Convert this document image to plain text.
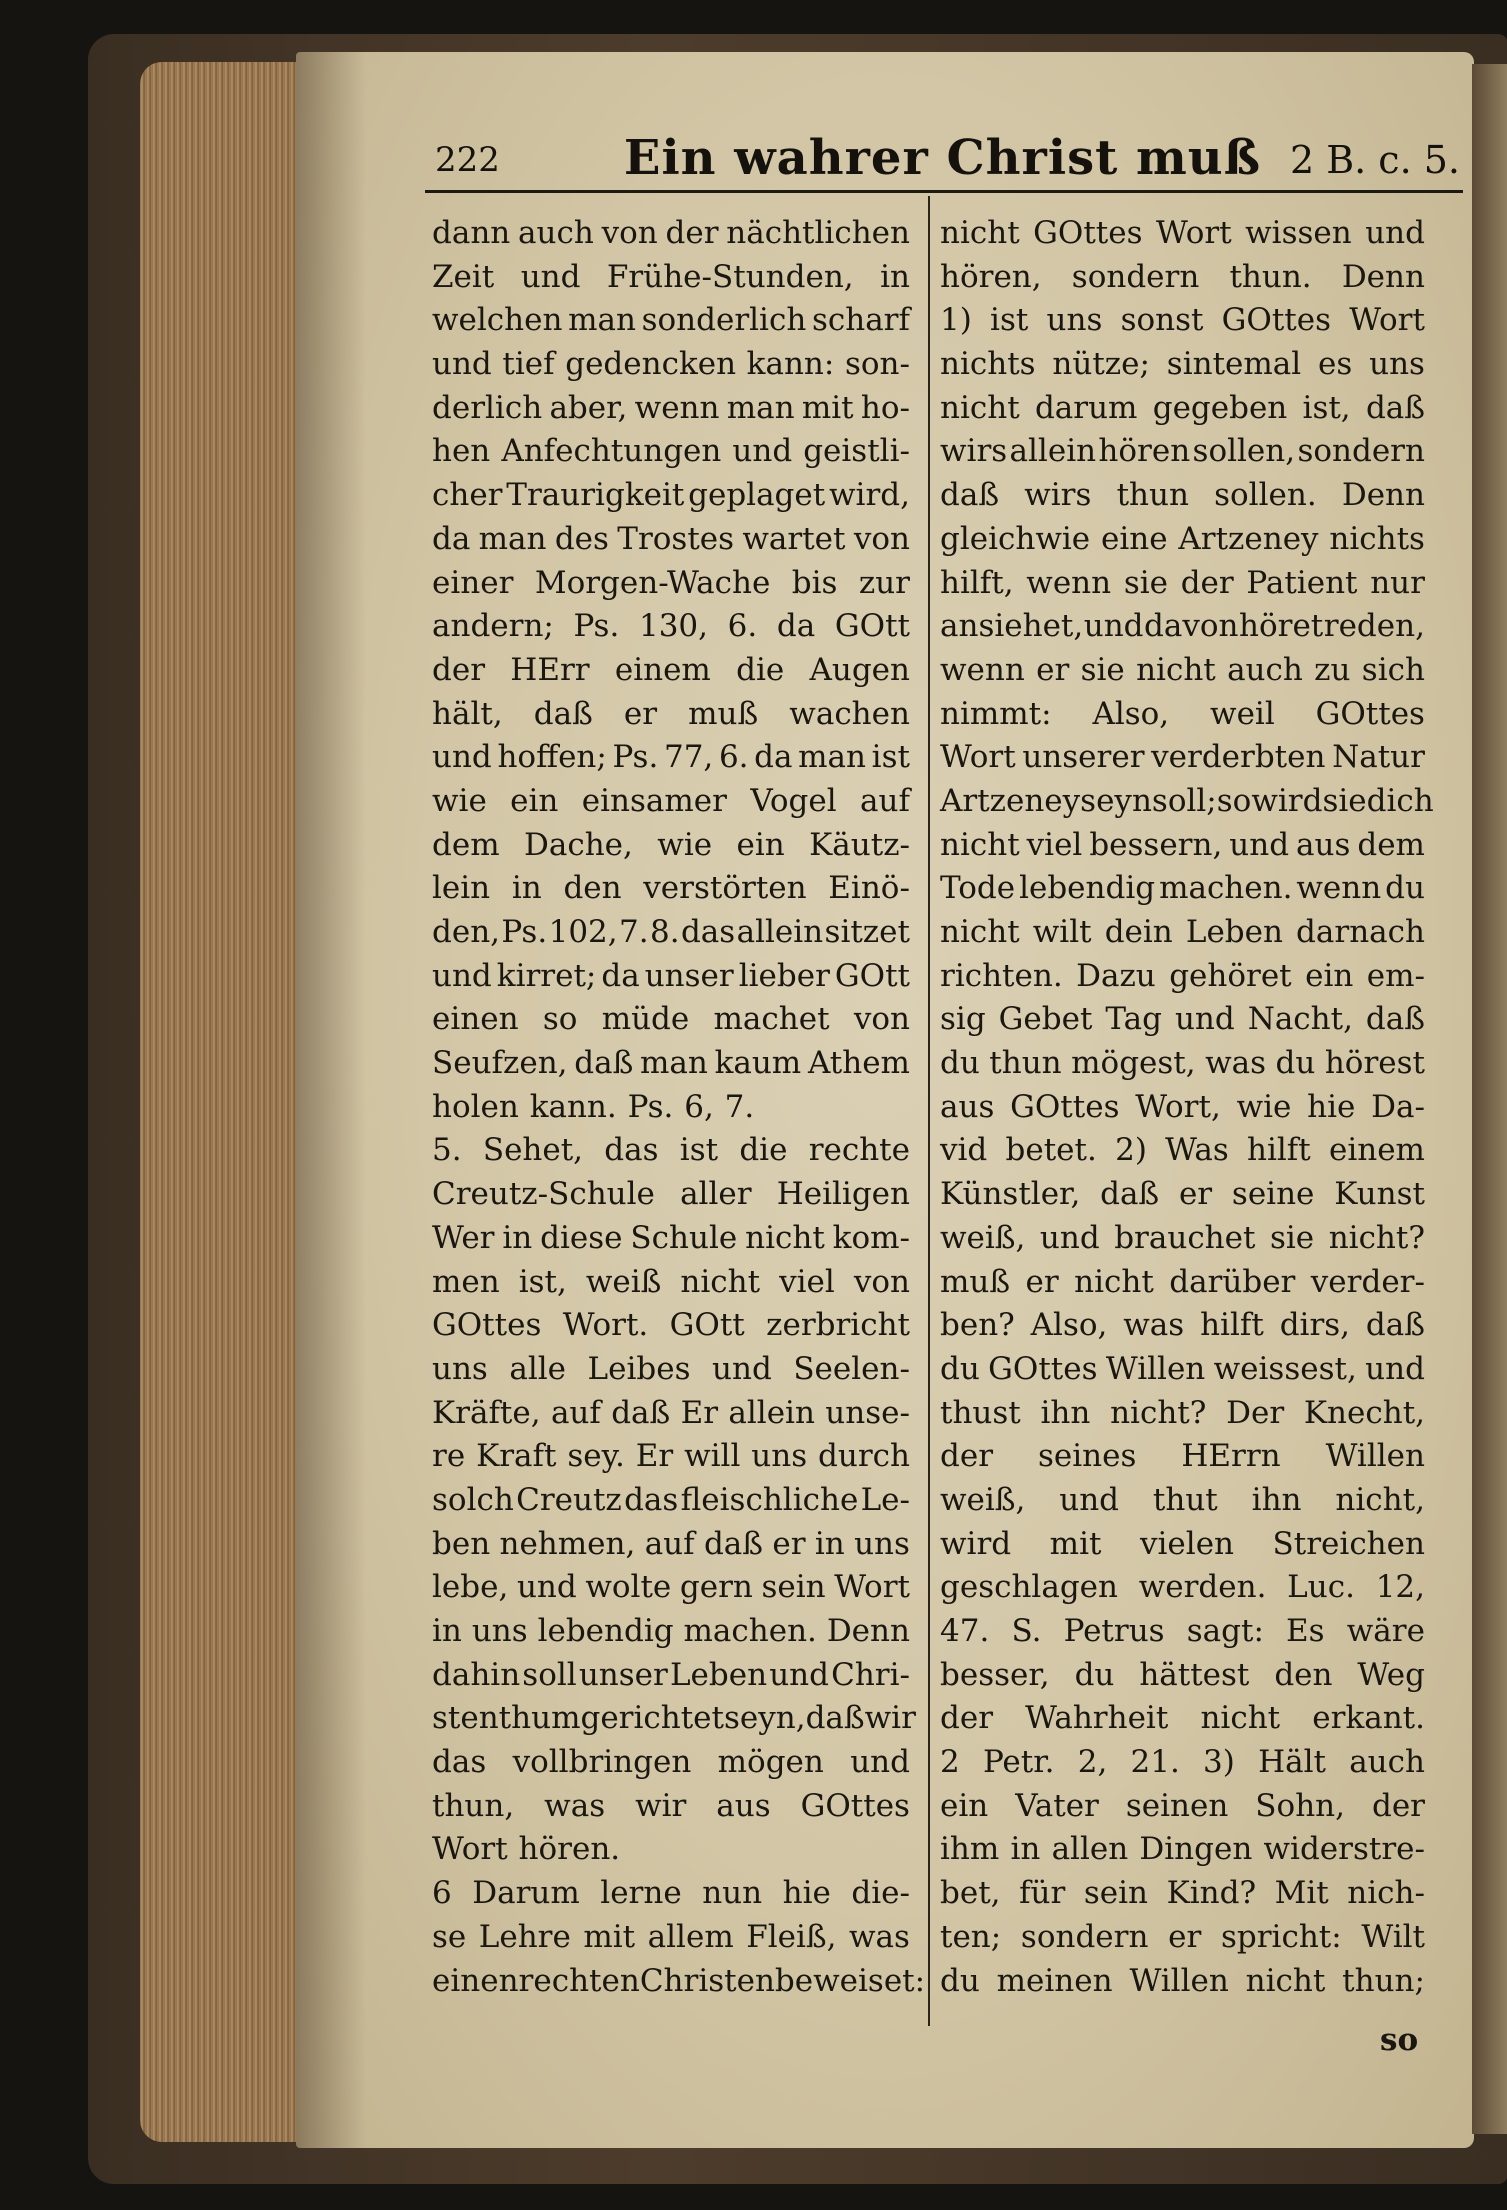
222	Ein wahrer Christ muß 2 B. c. 5.
dann auch von der nächtlichen
Zeit und Frühe-Stunden, in
welchen man sonderlich scharf
und tief gedencken kann: son-
derlich aber, wenn man mit ho-
hen Anfechtungen und geistli-
cher Traurigkeit geplaget wird,
da man des Trostes wartet von
einer Morgen-Wache bis zur
andern; Ps. 130, 6. da GOtt
der HErr einem die Augen
hält, daß er muß wachen
und hoffen; Ps. 77, 6. da man ist
wie ein einsamer Vogel auf
dem Dache, wie ein Käutz-
lein in den verstörten Einö-
den, Ps. 102, 7. 8. das allein sitzet
und kirret; da unser lieber GOtt
einen so müde machet von
Seufzen, daß man kaum Athem
holen kann. Ps. 6, 7.
5. Sehet, das ist die rechte
Creutz-Schule aller Heiligen
Wer in diese Schule nicht kom-
men ist, weiß nicht viel von
GOttes Wort. GOtt zerbricht
uns alle Leibes und Seelen-
Kräfte, auf daß Er allein unse-
re Kraft sey. Er will uns durch
solch Creutz das fleischliche Le-
ben nehmen, auf daß er in uns
lebe, und wolte gern sein Wort
in uns lebendig machen. Denn
dahin soll unser Leben und Chri-
stenthum gerichtet seyn, daß wir
das vollbringen mögen und
thun, was wir aus GOttes
Wort hören.
6 Darum lerne nun hie die-
se Lehre mit allem Fleiß, was
einen rechten Christen beweiset:
nicht GOttes Wort wissen und
hören, sondern thun. Denn
1) ist uns sonst GOttes Wort
nichts nütze; sintemal es uns
nicht darum gegeben ist, daß
wirs allein hören sollen, sondern
daß wirs thun sollen. Denn
gleichwie eine Artzeney nichts
hilft, wenn sie der Patient nur
ansiehet, und davon höret reden,
wenn er sie nicht auch zu sich
nimmt: Also, weil GOttes
Wort unserer verderbten Natur
Artzeney seyn soll; so wird sie dich
nicht viel bessern, und aus dem
Tode lebendig machen. wenn du
nicht wilt dein Leben darnach
richten. Dazu gehöret ein em-
sig Gebet Tag und Nacht, daß
du thun mögest, was du hörest
aus GOttes Wort, wie hie Da-
vid betet. 2) Was hilft einem
Künstler, daß er seine Kunst
weiß, und brauchet sie nicht?
muß er nicht darüber verder-
ben? Also, was hilft dirs, daß
du GOttes Willen weissest, und
thust ihn nicht? Der Knecht,
der seines HErrn Willen
weiß, und thut ihn nicht,
wird mit vielen Streichen
geschlagen werden. Luc. 12,
47. S. Petrus sagt: Es wäre
besser, du hättest den Weg
der Wahrheit nicht erkant.
2 Petr. 2, 21. 3) Hält auch
ein Vater seinen Sohn, der
ihm in allen Dingen widerstre-
bet, für sein Kind? Mit nich-
ten; sondern er spricht: Wilt
du meinen Willen nicht thun;
so
